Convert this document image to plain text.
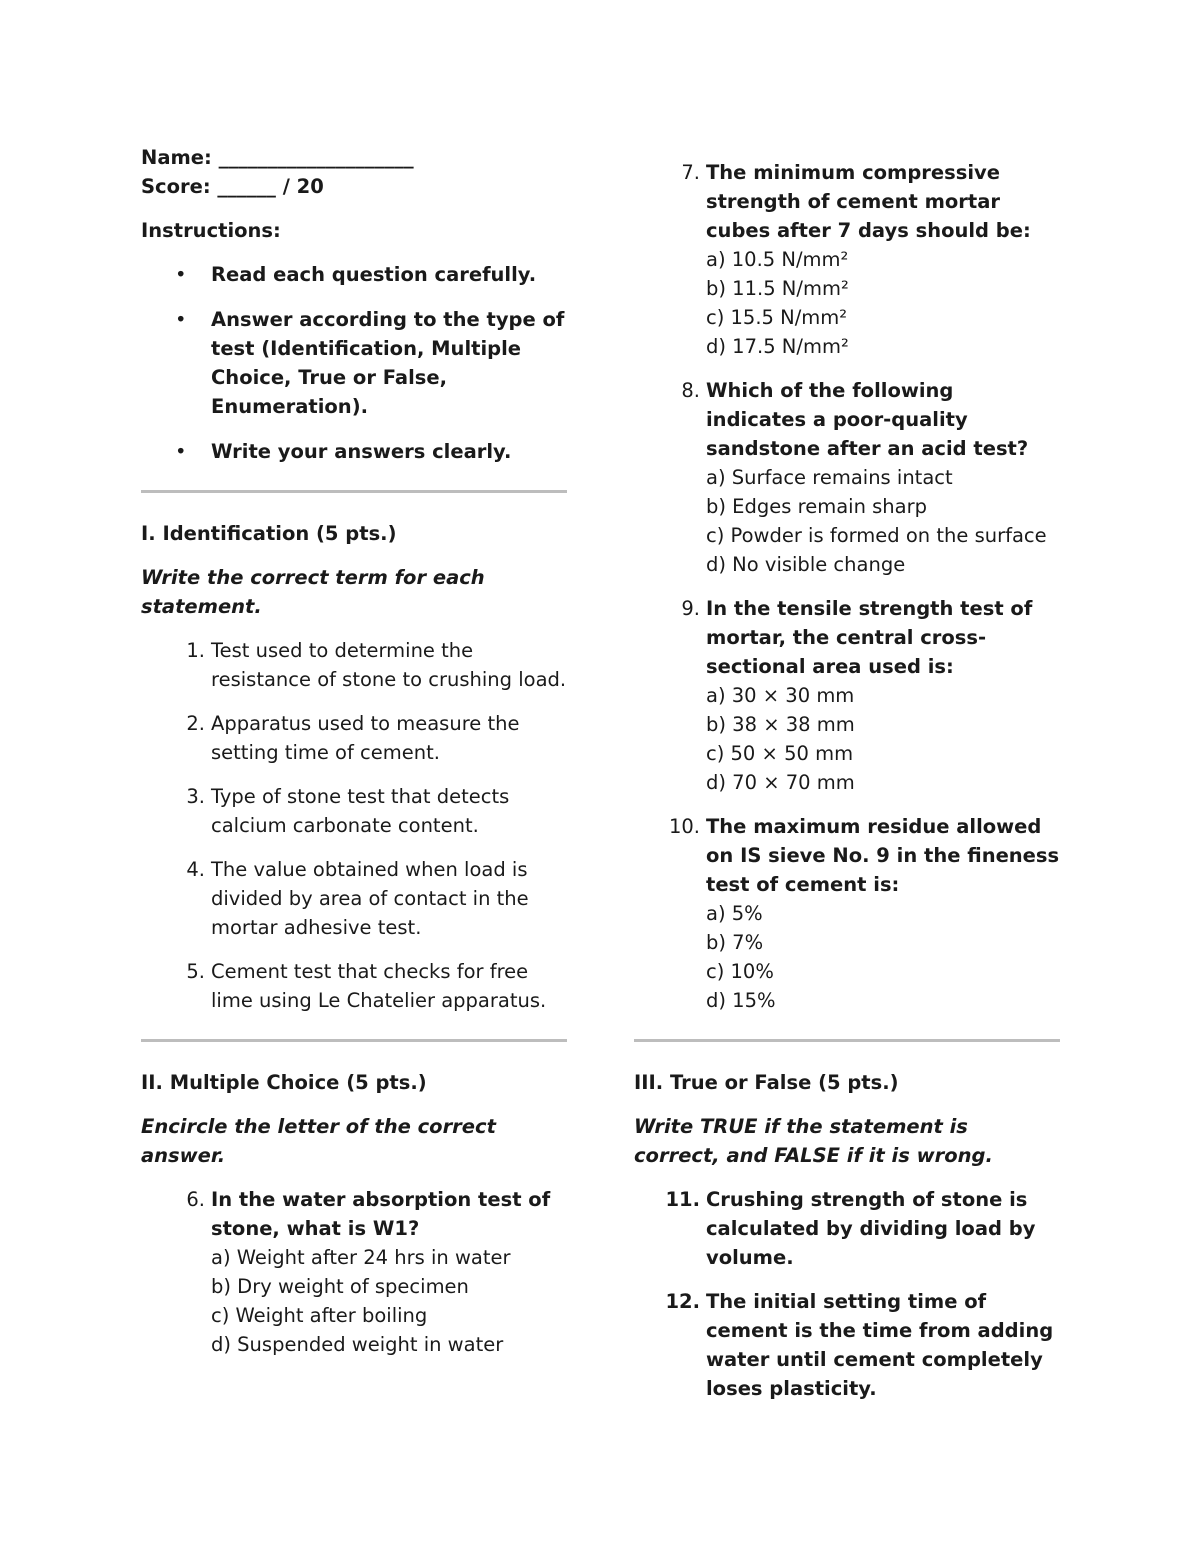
Name: ____________________

Score: ______ / 20

Instructions:

•	Read each question carefully.
•	Answer according to the type of test (Identification, Multiple Choice, True or False, Enumeration).
•	Write your answers clearly.

I. Identification (5 pts.)

Write the correct term for each statement.

1. Test used to determine the resistance of stone to crushing load.
2. Apparatus used to measure the setting time of cement.
3. Type of stone test that detects calcium carbonate content.
4. The value obtained when load is divided by area of contact in the mortar adhesive test.
5. Cement test that checks for free lime using Le Chatelier apparatus.

II. Multiple Choice (5 pts.)

Encircle the letter of the correct answer.

6. In the water absorption test of stone, what is W1?
a) Weight after 24 hrs in water
b) Dry weight of specimen
c) Weight after boiling
d) Suspended weight in water
7. The minimum compressive strength of cement mortar cubes after 7 days should be:
a) 10.5 N/mm²
b) 11.5 N/mm²
c) 15.5 N/mm²
d) 17.5 N/mm²
8. Which of the following indicates a poor-quality sandstone after an acid test?
a) Surface remains intact
b) Edges remain sharp
c) Powder is formed on the surface
d) No visible change
9. In the tensile strength test of mortar, the central cross-sectional area used is:
a) 30 × 30 mm
b) 38 × 38 mm
c) 50 × 50 mm
d) 70 × 70 mm
10. The maximum residue allowed on IS sieve No. 9 in the fineness test of cement is:
a) 5%
b) 7%
c) 10%
d) 15%

III. True or False (5 pts.)

Write TRUE if the statement is correct, and FALSE if it is wrong.

11. Crushing strength of stone is calculated by dividing load by volume.
12. The initial setting time of cement is the time from adding water until cement completely loses plasticity.
